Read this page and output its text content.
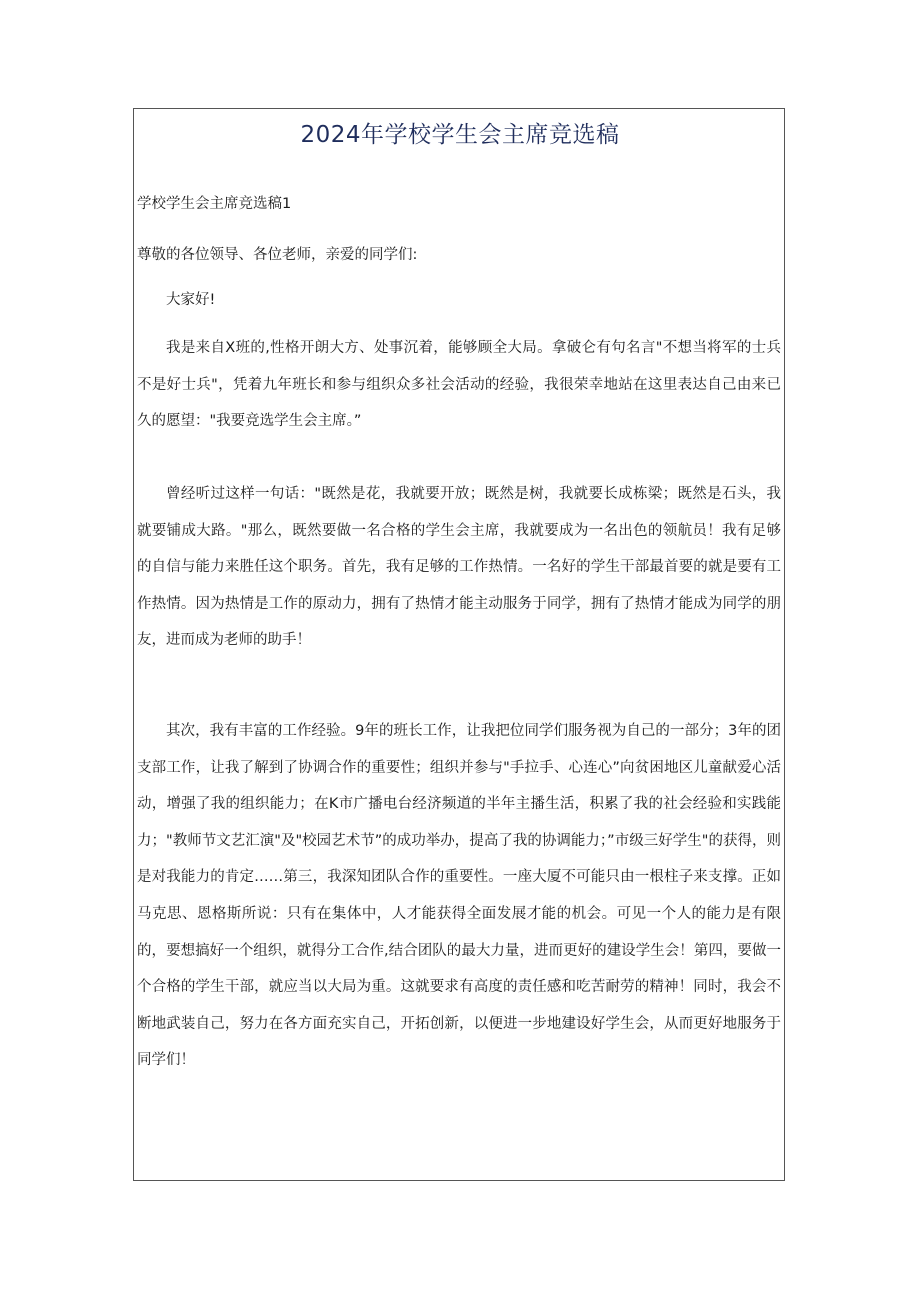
2024年学校学生会主席竞选稿

学校学生会主席竞选稿1

尊敬的各位领导、各位老师，亲爱的同学们:

大家好!

我是来自X班的,性格开朗大方、处事沉着，能够顾全大局。拿破仑有句名言"不想当将军的士兵不是好士兵"，凭着九年班长和参与组织众多社会活动的经验，我很荣幸地站在这里表达自己由来已久的愿望："我要竞选学生会主席。”

曾经听过这样一句话："既然是花，我就要开放；既然是树，我就要长成栋梁；既然是石头，我就要铺成大路。"那么，既然要做一名合格的学生会主席，我就要成为一名出色的领航员！我有足够的自信与能力来胜任这个职务。首先，我有足够的工作热情。一名好的学生干部最首要的就是要有工作热情。因为热情是工作的原动力，拥有了热情才能主动服务于同学，拥有了热情才能成为同学的朋友，进而成为老师的助手！

其次，我有丰富的工作经验。9年的班长工作，让我把位同学们服务视为自己的一部分；3年的团支部工作，让我了解到了协调合作的重要性；组织并参与"手拉手、心连心”向贫困地区儿童献爱心活动，增强了我的组织能力；在K市广播电台经济频道的半年主播生活，积累了我的社会经验和实践能力；"教师节文艺汇演"及"校园艺术节”的成功举办，提高了我的协调能力；”市级三好学生"的获得，则是对我能力的肯定……第三，我深知团队合作的重要性。一座大厦不可能只由一根柱子来支撑。正如马克思、恩格斯所说：只有在集体中，人才能获得全面发展才能的机会。可见一个人的能力是有限的，要想搞好一个组织，就得分工合作,结合团队的最大力量，进而更好的建设学生会！第四，要做一个合格的学生干部，就应当以大局为重。这就要求有高度的责任感和吃苦耐劳的精神！同时，我会不断地武装自己，努力在各方面充实自己，开拓创新，以便进一步地建设好学生会，从而更好地服务于同学们！
